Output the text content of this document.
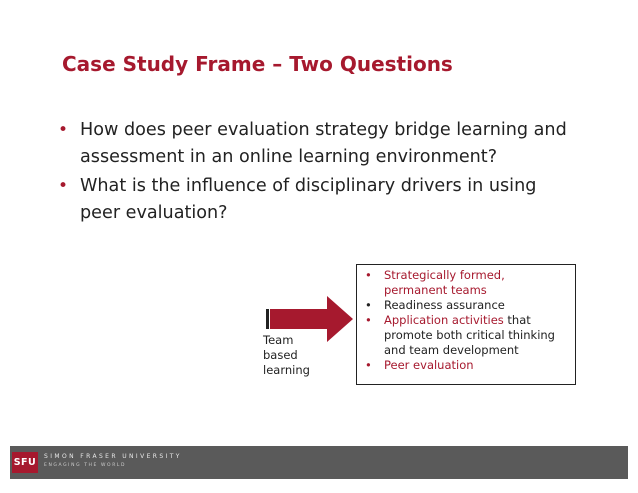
Case Study Frame – Two Questions
• How does peer evaluation strategy bridge learning and assessment in an online learning environment?
• What is the influence of disciplinary drivers in using peer evaluation?
Team
based
learning
• Strategically formed, permanent teams
• Readiness assurance
• Application activities that promote both critical thinking and team development
• Peer evaluation
SFU
SIMON FRASER UNIVERSITY
ENGAGING THE WORLD
